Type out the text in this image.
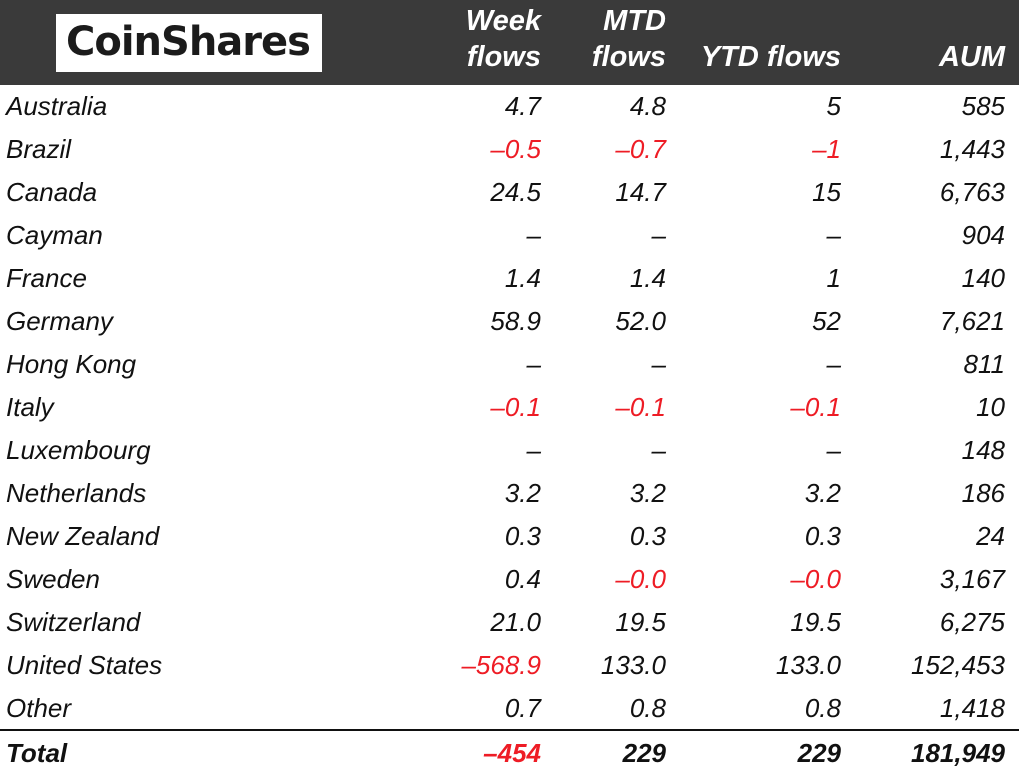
CoinShares	Week flows	MTD flows	YTD flows	AUM
Australia	4.7	4.8	5	585
Brazil	–0.5	–0.7	–1	1,443
Canada	24.5	14.7	15	6,763
Cayman	–	–	–	904
France	1.4	1.4	1	140
Germany	58.9	52.0	52	7,621
Hong Kong	–	–	–	811
Italy	–0.1	–0.1	–0.1	10
Luxembourg	–	–	–	148
Netherlands	3.2	3.2	3.2	186
New Zealand	0.3	0.3	0.3	24
Sweden	0.4	–0.0	–0.0	3,167
Switzerland	21.0	19.5	19.5	6,275
United States	–568.9	133.0	133.0	152,453
Other	0.7	0.8	0.8	1,418
Total	–454	229	229	181,949
